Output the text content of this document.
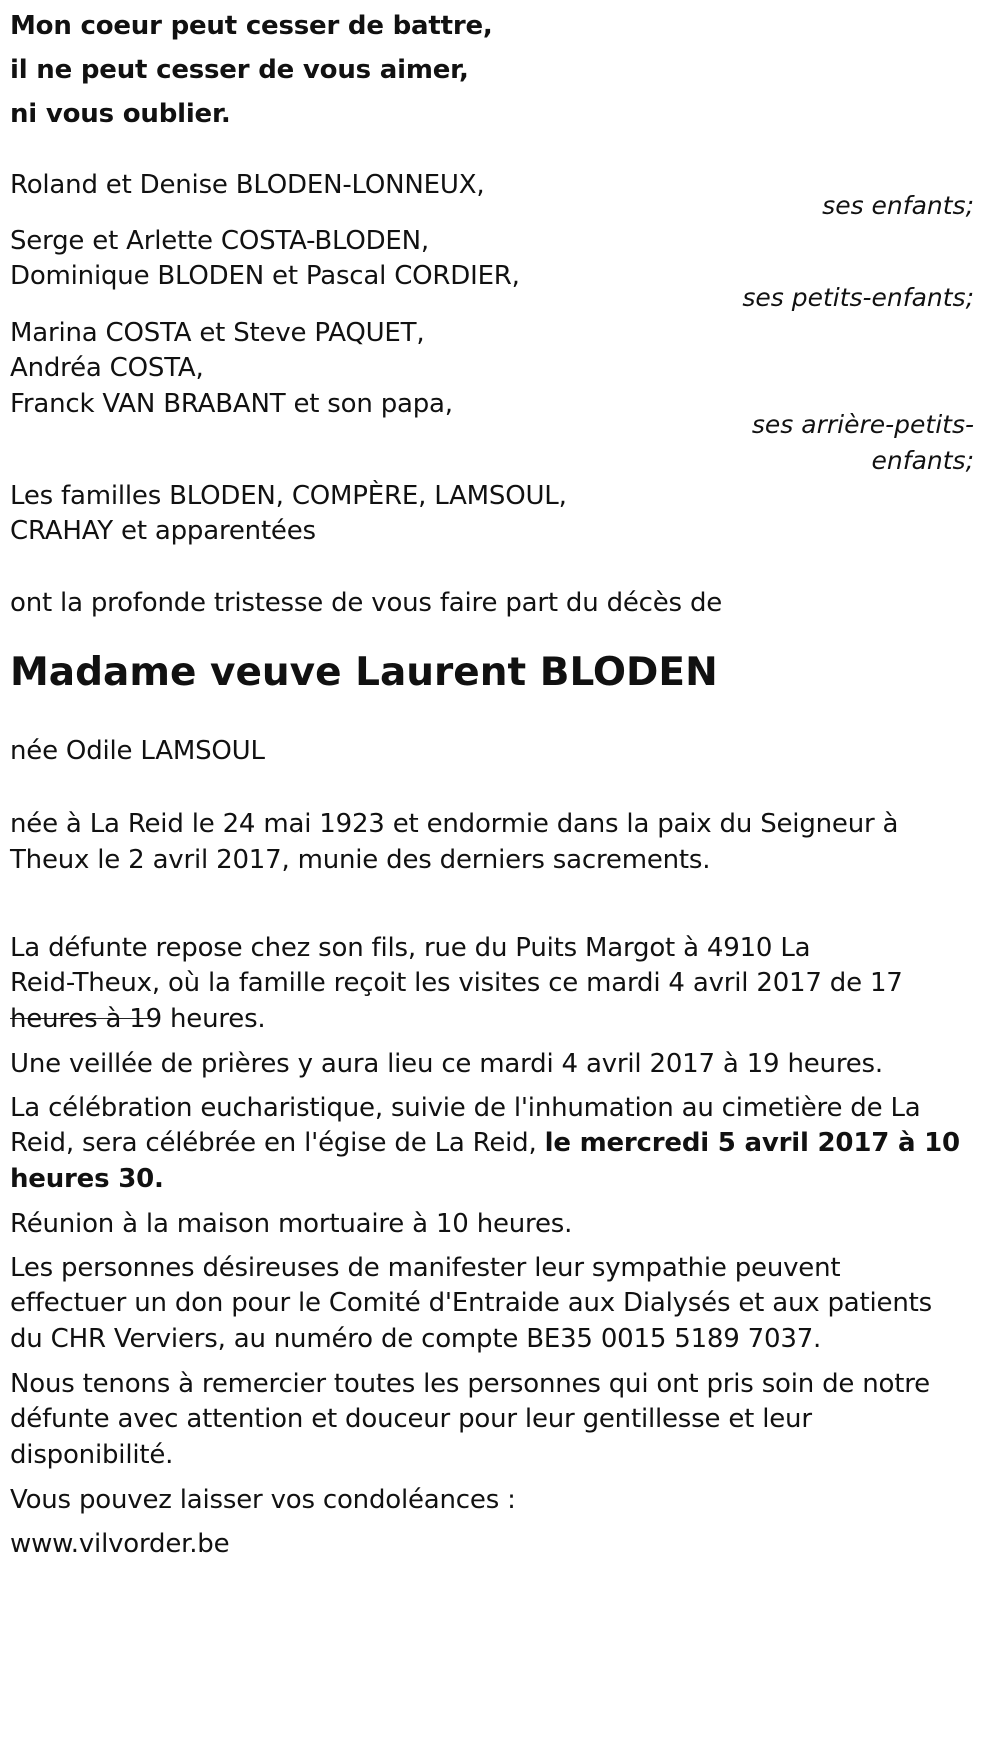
Mon coeur peut cesser de battre,
il ne peut cesser de vous aimer,
ni vous oublier.
Roland et Denise BLODEN-LONNEUX,
ses enfants;
Serge et Arlette COSTA-BLODEN,
Dominique BLODEN et Pascal CORDIER,
ses petits-enfants;
Marina COSTA et Steve PAQUET,
Andréa COSTA,
Franck VAN BRABANT et son papa,
ses arrière-petits-
enfants;
Les familles BLODEN, COMPÈRE, LAMSOUL,
CRAHAY et apparentées
ont la profonde tristesse de vous faire part du décès de
Madame veuve Laurent BLODEN
née Odile LAMSOUL
née à La Reid le 24 mai 1923 et endormie dans la paix du Seigneur à
Theux le 2 avril 2017, munie des derniers sacrements.
La défunte repose chez son fils, rue du Puits Margot à 4910 La
Reid-Theux, où la famille reçoit les visites ce mardi 4 avril 2017 de 17
heures à 19 heures.
Une veillée de prières y aura lieu ce mardi 4 avril 2017 à 19 heures.
La célébration eucharistique, suivie de l'inhumation au cimetière de La
Reid, sera célébrée en l'égise de La Reid, le mercredi 5 avril 2017 à 10
heures 30.
Réunion à la maison mortuaire à 10 heures.
Les personnes désireuses de manifester leur sympathie peuvent
effectuer un don pour le Comité d'Entraide aux Dialysés et aux patients
du CHR Verviers, au numéro de compte BE35 0015 5189 7037.
Nous tenons à remercier toutes les personnes qui ont pris soin de notre
défunte avec attention et douceur pour leur gentillesse et leur
disponibilité.
Vous pouvez laisser vos condoléances :
www.vilvorder.be
